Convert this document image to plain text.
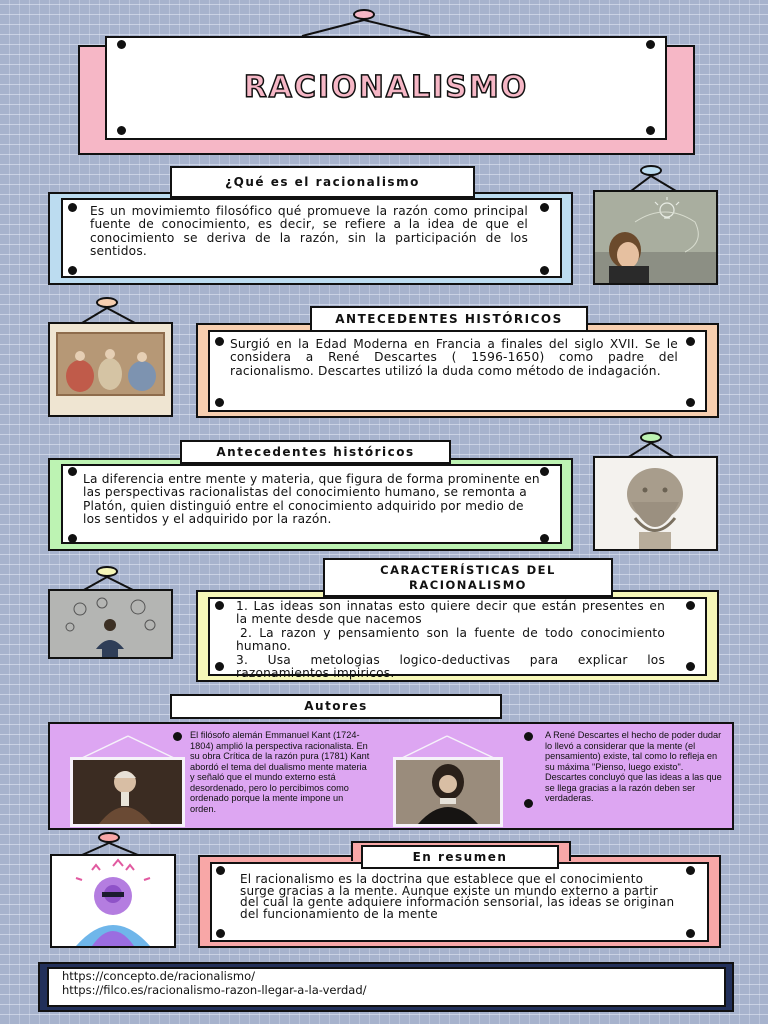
RACIONALISMO
¿Qué es el racionalismo
Es un movimiemto filosófico qué promueve la razón como principal fuente de conocimiento, es decir, se refiere a la idea de que el conocimiento se deriva de la razón, sin la participación de los sentidos.
ANTECEDENTES HISTÓRICOS
Surgió en la Edad Moderna en Francia a finales del siglo XVII. Se le considera a René Descartes ( 1596-1650) como padre del racionalismo. Descartes utilizó la duda como método de indagación.
Antecedentes históricos
La diferencia entre mente y materia, que figura de forma prominente en las perspectivas racionalistas del conocimiento humano, se remonta a Platón, quien distinguió entre el conocimiento adquirido por medio de los sentidos y el adquirido por la razón.
CARACTERÍSTICAS DEL RACIONALISMO
1. Las ideas son innatas esto quiere decir que están presentes en la mente desde que nacemos
2. La razon y pensamiento son la fuente de todo conocimiento humano.
3. Usa metologias logico-deductivas para explicar los razonamientos impiricos.
Autores
El filósofo alemán Emmanuel Kant (1724-1804) amplió la perspectiva racionalista. En su obra Crítica de la razón pura (1781) Kant abordó el tema del dualismo mente materia y señaló que el mundo externo está desordenado, pero lo percibimos como ordenado porque la mente impone un orden.
A René Descartes el hecho de poder dudar lo llevó a considerar que la mente (el pensamiento) existe, tal como lo refleja en su máxima "Pienso, luego existo". Descartes concluyó que las ideas a las que se llega gracias a la razón deben ser verdaderas.
En resumen
El racionalismo es la doctrina que establece que el conocimiento surge gracias a la mente. Aunque existe un mundo externo a partir del cual la gente adquiere información sensorial, las ideas se originan del funcionamiento de la mente
https://concepto.de/racionalismo/
https://filco.es/racionalismo-razon-llegar-a-la-verdad/
